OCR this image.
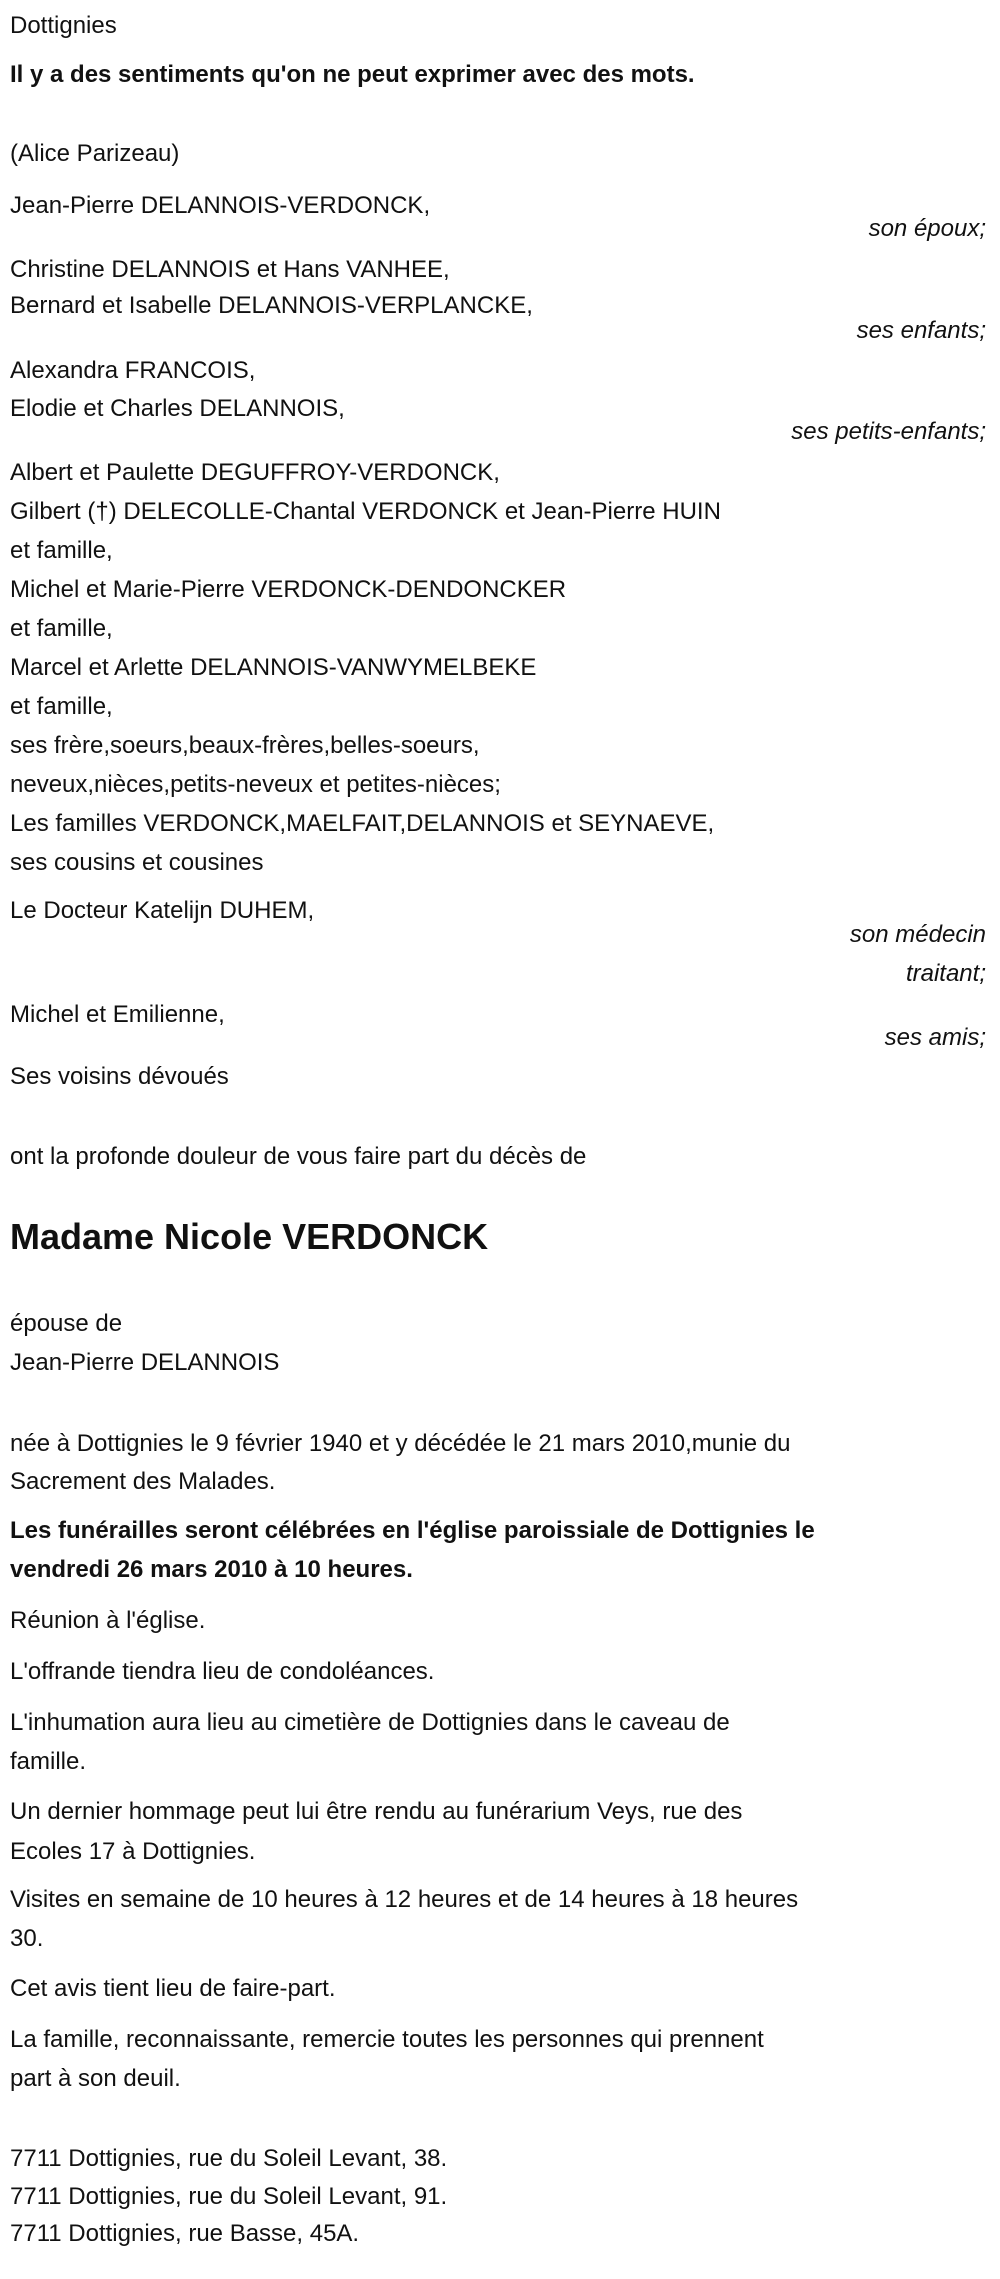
Dottignies
Il y a des sentiments qu'on ne peut exprimer avec des mots.
(Alice Parizeau)
Jean-Pierre DELANNOIS-VERDONCK,
son époux;
Christine DELANNOIS et Hans VANHEE,
Bernard et Isabelle DELANNOIS-VERPLANCKE,
ses enfants;
Alexandra FRANCOIS,
Elodie et Charles DELANNOIS,
ses petits-enfants;
Albert et Paulette DEGUFFROY-VERDONCK,
Gilbert (†) DELECOLLE-Chantal VERDONCK et Jean-Pierre HUIN
et famille,
Michel et Marie-Pierre VERDONCK-DENDONCKER
et famille,
Marcel et Arlette DELANNOIS-VANWYMELBEKE
et famille,
ses frère,soeurs,beaux-frères,belles-soeurs,
neveux,nièces,petits-neveux et petites-nièces;
Les familles VERDONCK,MAELFAIT,DELANNOIS et SEYNAEVE,
ses cousins et cousines
Le Docteur Katelijn DUHEM,
son médecin
traitant;
Michel et Emilienne,
ses amis;
Ses voisins dévoués
ont la profonde douleur de vous faire part du décès de
Madame Nicole VERDONCK
épouse de
Jean-Pierre DELANNOIS
née à Dottignies le 9 février 1940 et y décédée le 21 mars 2010,munie du
Sacrement des Malades.
Les funérailles seront célébrées en l'église paroissiale de Dottignies le
vendredi 26 mars 2010 à 10 heures.
Réunion à l'église.
L'offrande tiendra lieu de condoléances.
L'inhumation aura lieu au cimetière de Dottignies dans le caveau de
famille.
Un dernier hommage peut lui être rendu au funérarium Veys, rue des
Ecoles 17 à Dottignies.
Visites en semaine de 10 heures à 12 heures et de 14 heures à 18 heures
30.
Cet avis tient lieu de faire-part.
La famille, reconnaissante, remercie toutes les personnes qui prennent
part à son deuil.
7711 Dottignies, rue du Soleil Levant, 38.
7711 Dottignies, rue du Soleil Levant, 91.
7711 Dottignies, rue Basse, 45A.
